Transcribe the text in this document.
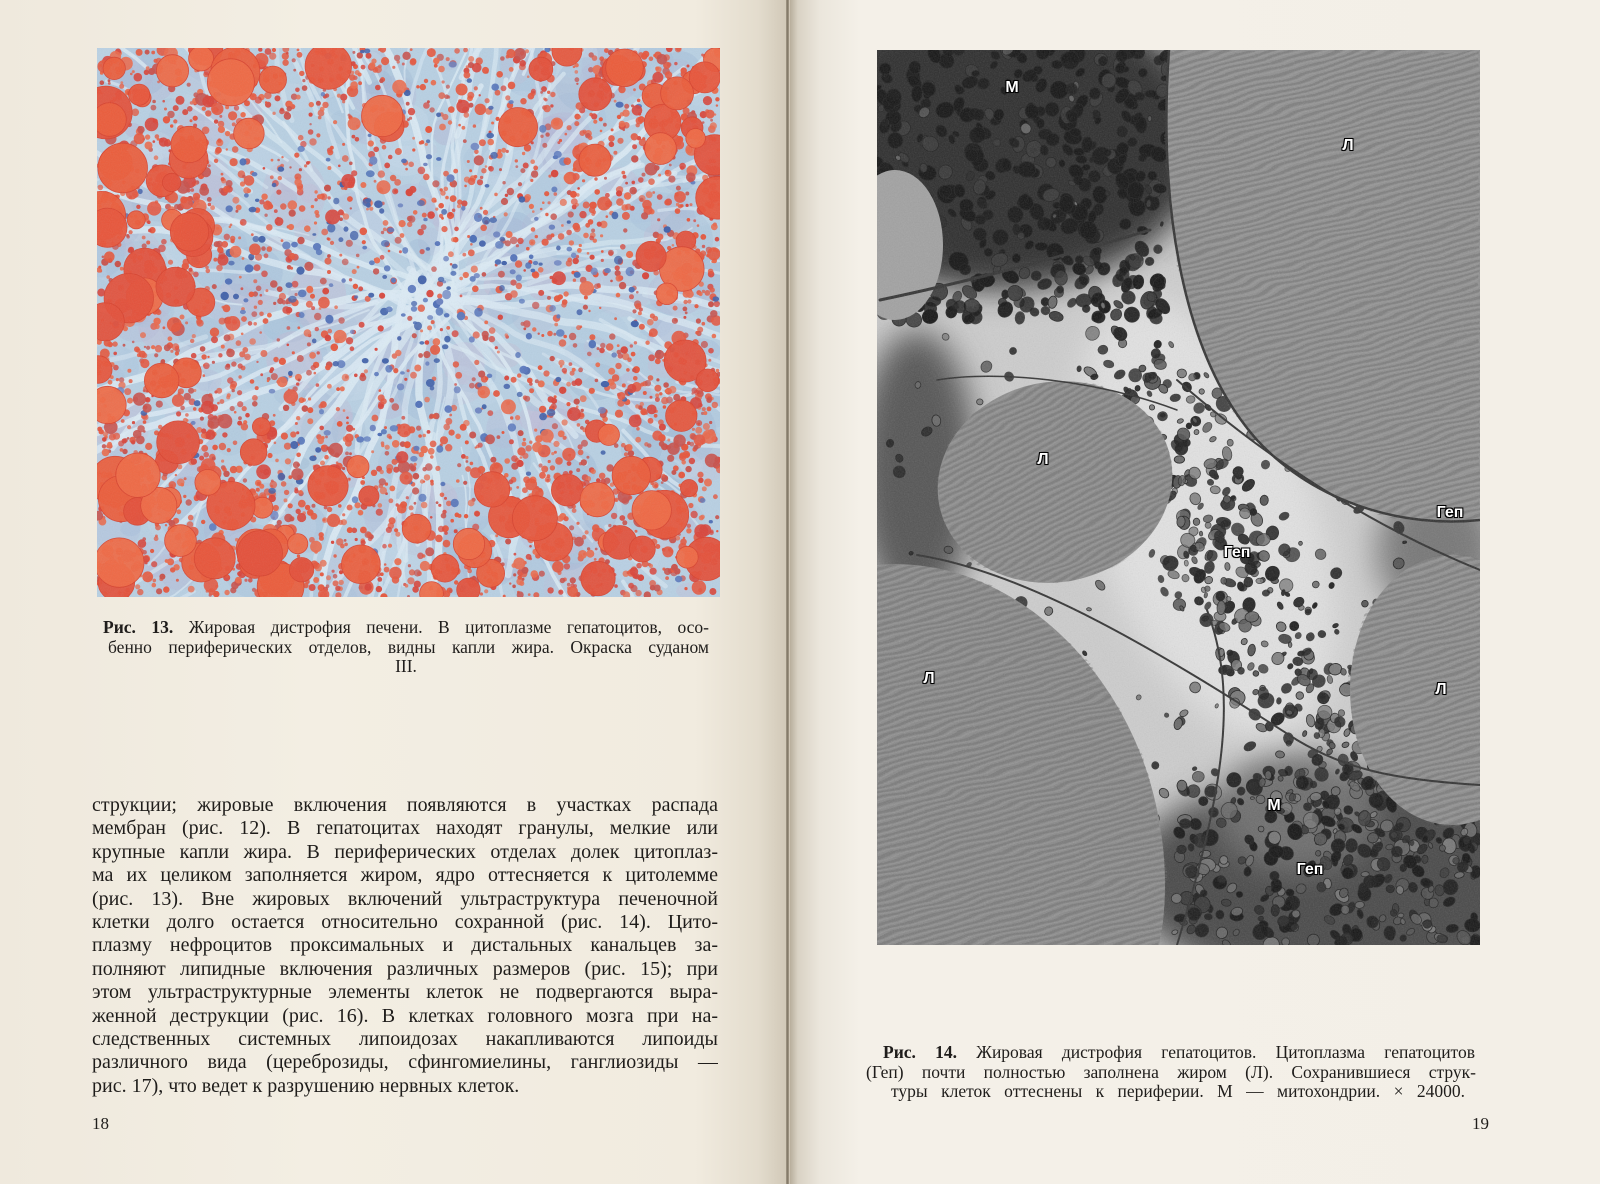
Рис. 13. Жировая дистрофия печени. В цитоплазме гепатоцитов, осо-
бенно периферических отделов, видны капли жира. Окраска суданом
III.
струкции; жировые включения появляются в участках распада
мембран (рис. 12). В гепатоцитах находят гранулы, мелкие или
крупные капли жира. В периферических отделах долек цитоплаз-
ма их целиком заполняется жиром, ядро оттесняется к цитолемме
(рис. 13). Вне жировых включений ультраструктура печеночной
клетки долго остается относительно сохранной (рис. 14). Цито-
плазму нефроцитов проксимальных и дистальных канальцев за-
полняют липидные включения различных размеров (рис. 15); при
этом ультраструктурные элементы клеток не подвергаются выра-
женной деструкции (рис. 16). В клетках головного мозга при на-
следственных системных липоидозах накапливаются липоиды
различного вида (цереброзиды, сфингомиелины, ганглиозиды —
рис. 17), что ведет к разрушению нервных клеток.
18
М
Л
Л
Геп
Геп
Л
Л
М
Геп
Рис. 14. Жировая дистрофия гепатоцитов. Цитоплазма гепатоцитов
(Геп) почти полностью заполнена жиром (Л). Сохранившиеся струк-
туры клеток оттеснены к периферии. М — митохондрии. × 24000.
19
